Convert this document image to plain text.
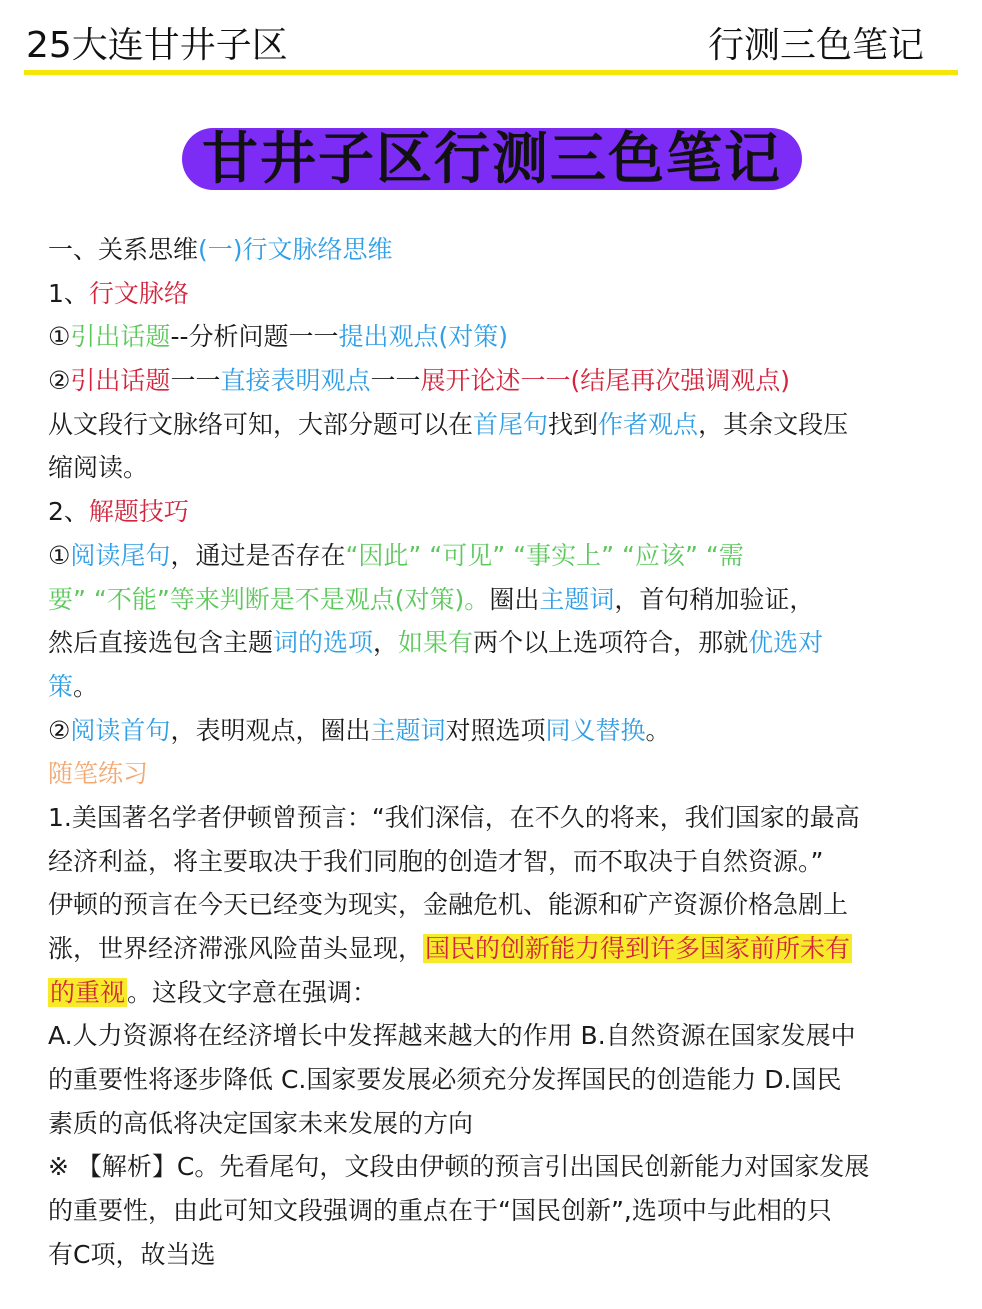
25大连甘井子区	行测三色笔记
甘井子区行测三色笔记
一、关系思维(一)行文脉络思维
1、行文脉络
①引出话题--分析问题一一提出观点(对策)
②引出话题一一直接表明观点一一展开论述一一(结尾再次强调观点)
从文段行文脉络可知，大部分题可以在首尾句找到作者观点，其余文段压
缩阅读。
2、解题技巧
①阅读尾句，通过是否存在“因此” “可见” “事实上” “应该” “需
要” “不能”等来判断是不是观点(对策)。圈出主题词，首句稍加验证，
然后直接选包含主题词的选项，如果有两个以上选项符合，那就优选对
策。
②阅读首句，表明观点，圈出主题词对照选项同义替换。
随笔练习
1.美国著名学者伊顿曾预言：“我们深信，在不久的将来，我们国家的最高
经济利益，将主要取决于我们同胞的创造才智，而不取决于自然资源。”
伊顿的预言在今天已经变为现实，金融危机、能源和矿产资源价格急剧上
涨，世界经济滞涨风险苗头显现，国民的创新能力得到许多国家前所未有
的重视。这段文字意在强调：
A.人力资源将在经济增长中发挥越来越大的作用 B.自然资源在国家发展中
的重要性将逐步降低 C.国家要发展必须充分发挥国民的创造能力 D.国民
素质的高低将决定国家未来发展的方向
※ 【解析】C。先看尾句，文段由伊顿的预言引出国民创新能力对国家发展
的重要性，由此可知文段强调的重点在于“国民创新”,选项中与此相的只
有C项，故当选
